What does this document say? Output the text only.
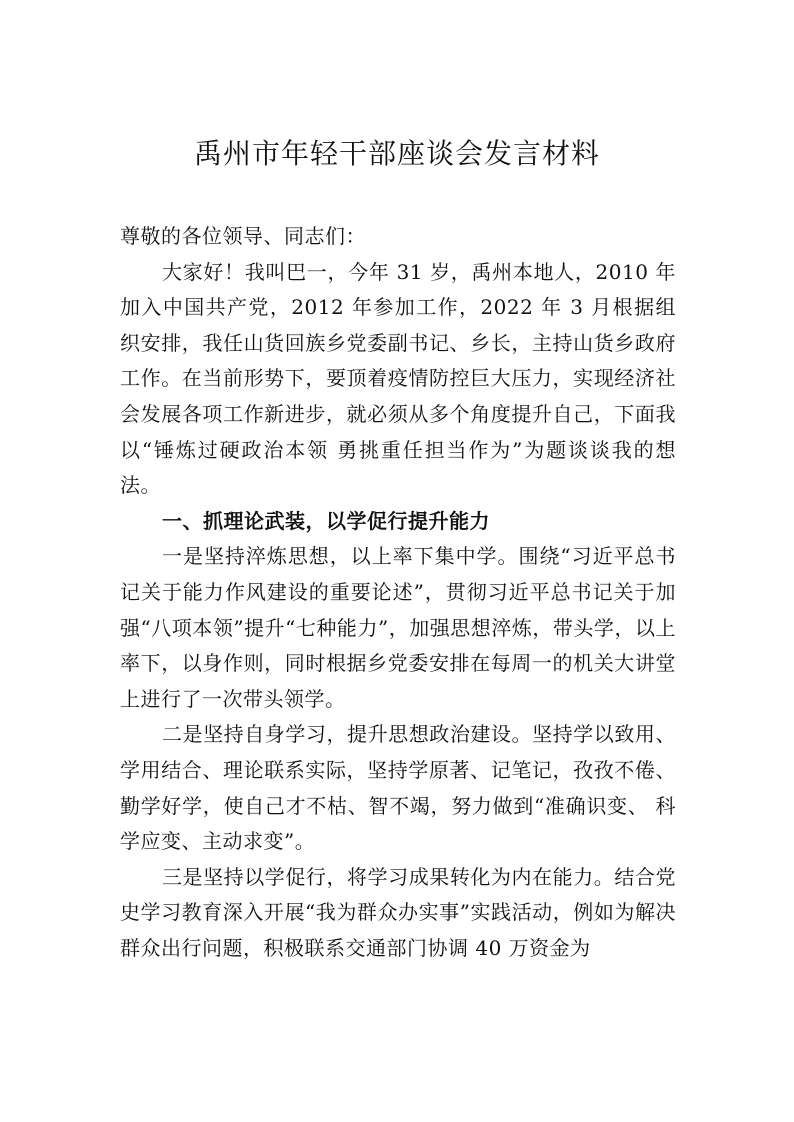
禹州市年轻干部座谈会发言材料

尊敬的各位领导、同志们：

大家好！我叫巴一，今年 31 岁，禹州本地人，2010 年加入中国共产党，2012 年参加工作，2022 年 3 月根据组织安排，我任山货回族乡党委副书记、乡长，主持山货乡政府工作。在当前形势下，要顶着疫情防控巨大压力，实现经济社会发展各项工作新进步，就必须从多个角度提升自己，下面我以“锤炼过硬政治本领 勇挑重任担当作为”为题谈谈我的想法。

一、抓理论武装，以学促行提升能力

一是坚持淬炼思想，以上率下集中学。围绕“习近平总书记关于能力作风建设的重要论述”，贯彻习近平总书记关于加强“八项本领”提升“七种能力”，加强思想淬炼，带头学，以上率下，以身作则，同时根据乡党委安排在每周一的机关大讲堂上进行了一次带头领学。

二是坚持自身学习，提升思想政治建设。坚持学以致用、学用结合、理论联系实际，坚持学原著、记笔记，孜孜不倦、勤学好学，使自己才不枯、智不竭，努力做到“准确识变、 科学应变、主动求变”。

三是坚持以学促行，将学习成果转化为内在能力。结合党史学习教育深入开展“我为群众办实事”实践活动，例如为解决群众出行问题，积极联系交通部门协调 40 万资金为
